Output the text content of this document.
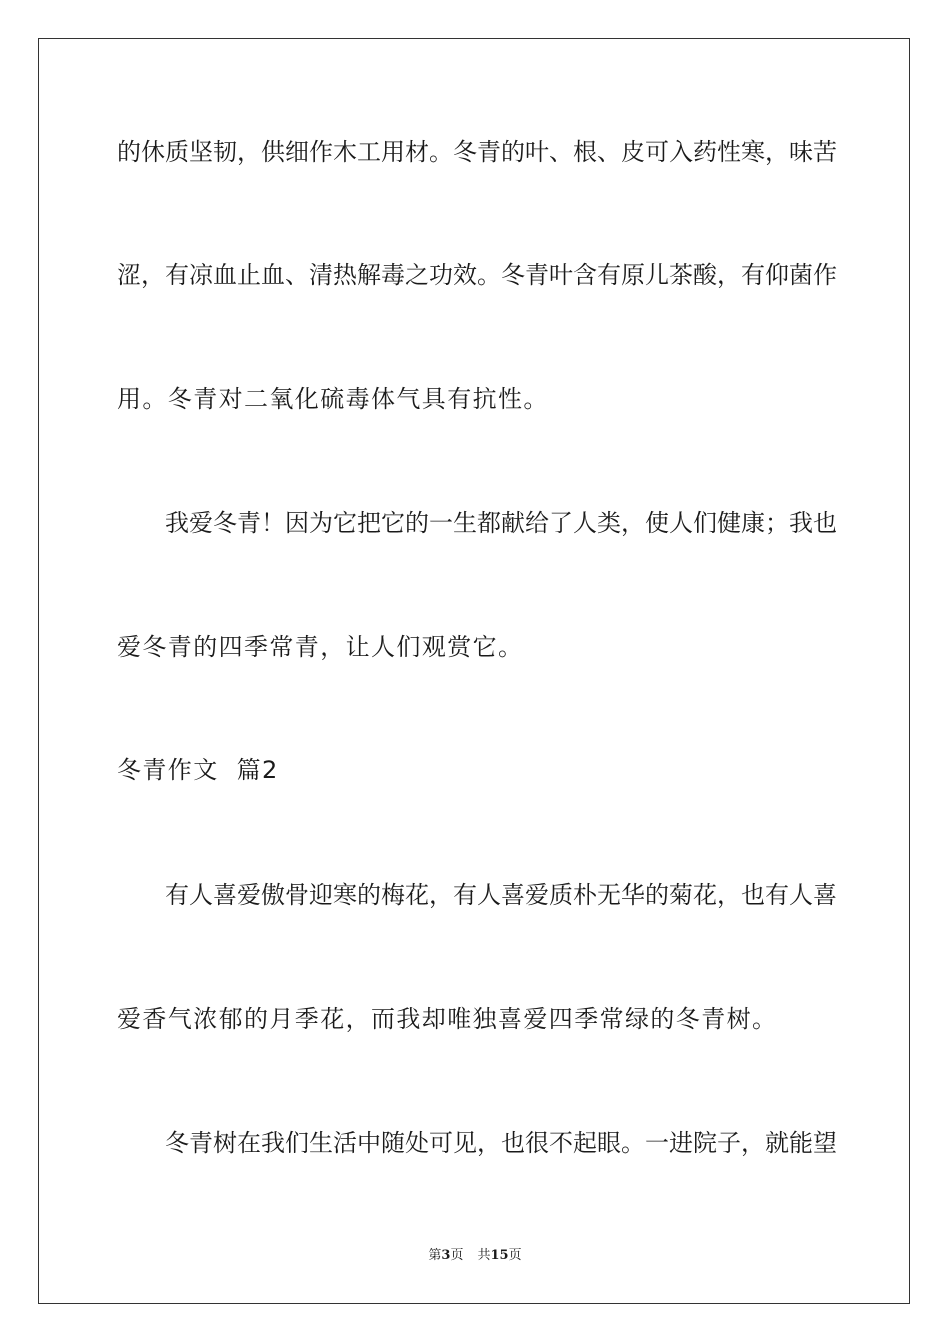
的休质坚韧，供细作木工用材。冬青的叶、根、皮可入药性寒，味苦
涩，有凉血止血、清热解毒之功效。冬青叶含有原儿茶酸，有仰菌作
用。冬青对二氧化硫毒体气具有抗性。
我爱冬青！因为它把它的一生都献给了人类，使人们健康；我也
爱冬青的四季常青，让人们观赏它。
冬青作文  篇2
有人喜爱傲骨迎寒的梅花，有人喜爱质朴无华的菊花，也有人喜
爱香气浓郁的月季花，而我却唯独喜爱四季常绿的冬青树。
冬青树在我们生活中随处可见，也很不起眼。一进院子，就能望
第3页 共15页
